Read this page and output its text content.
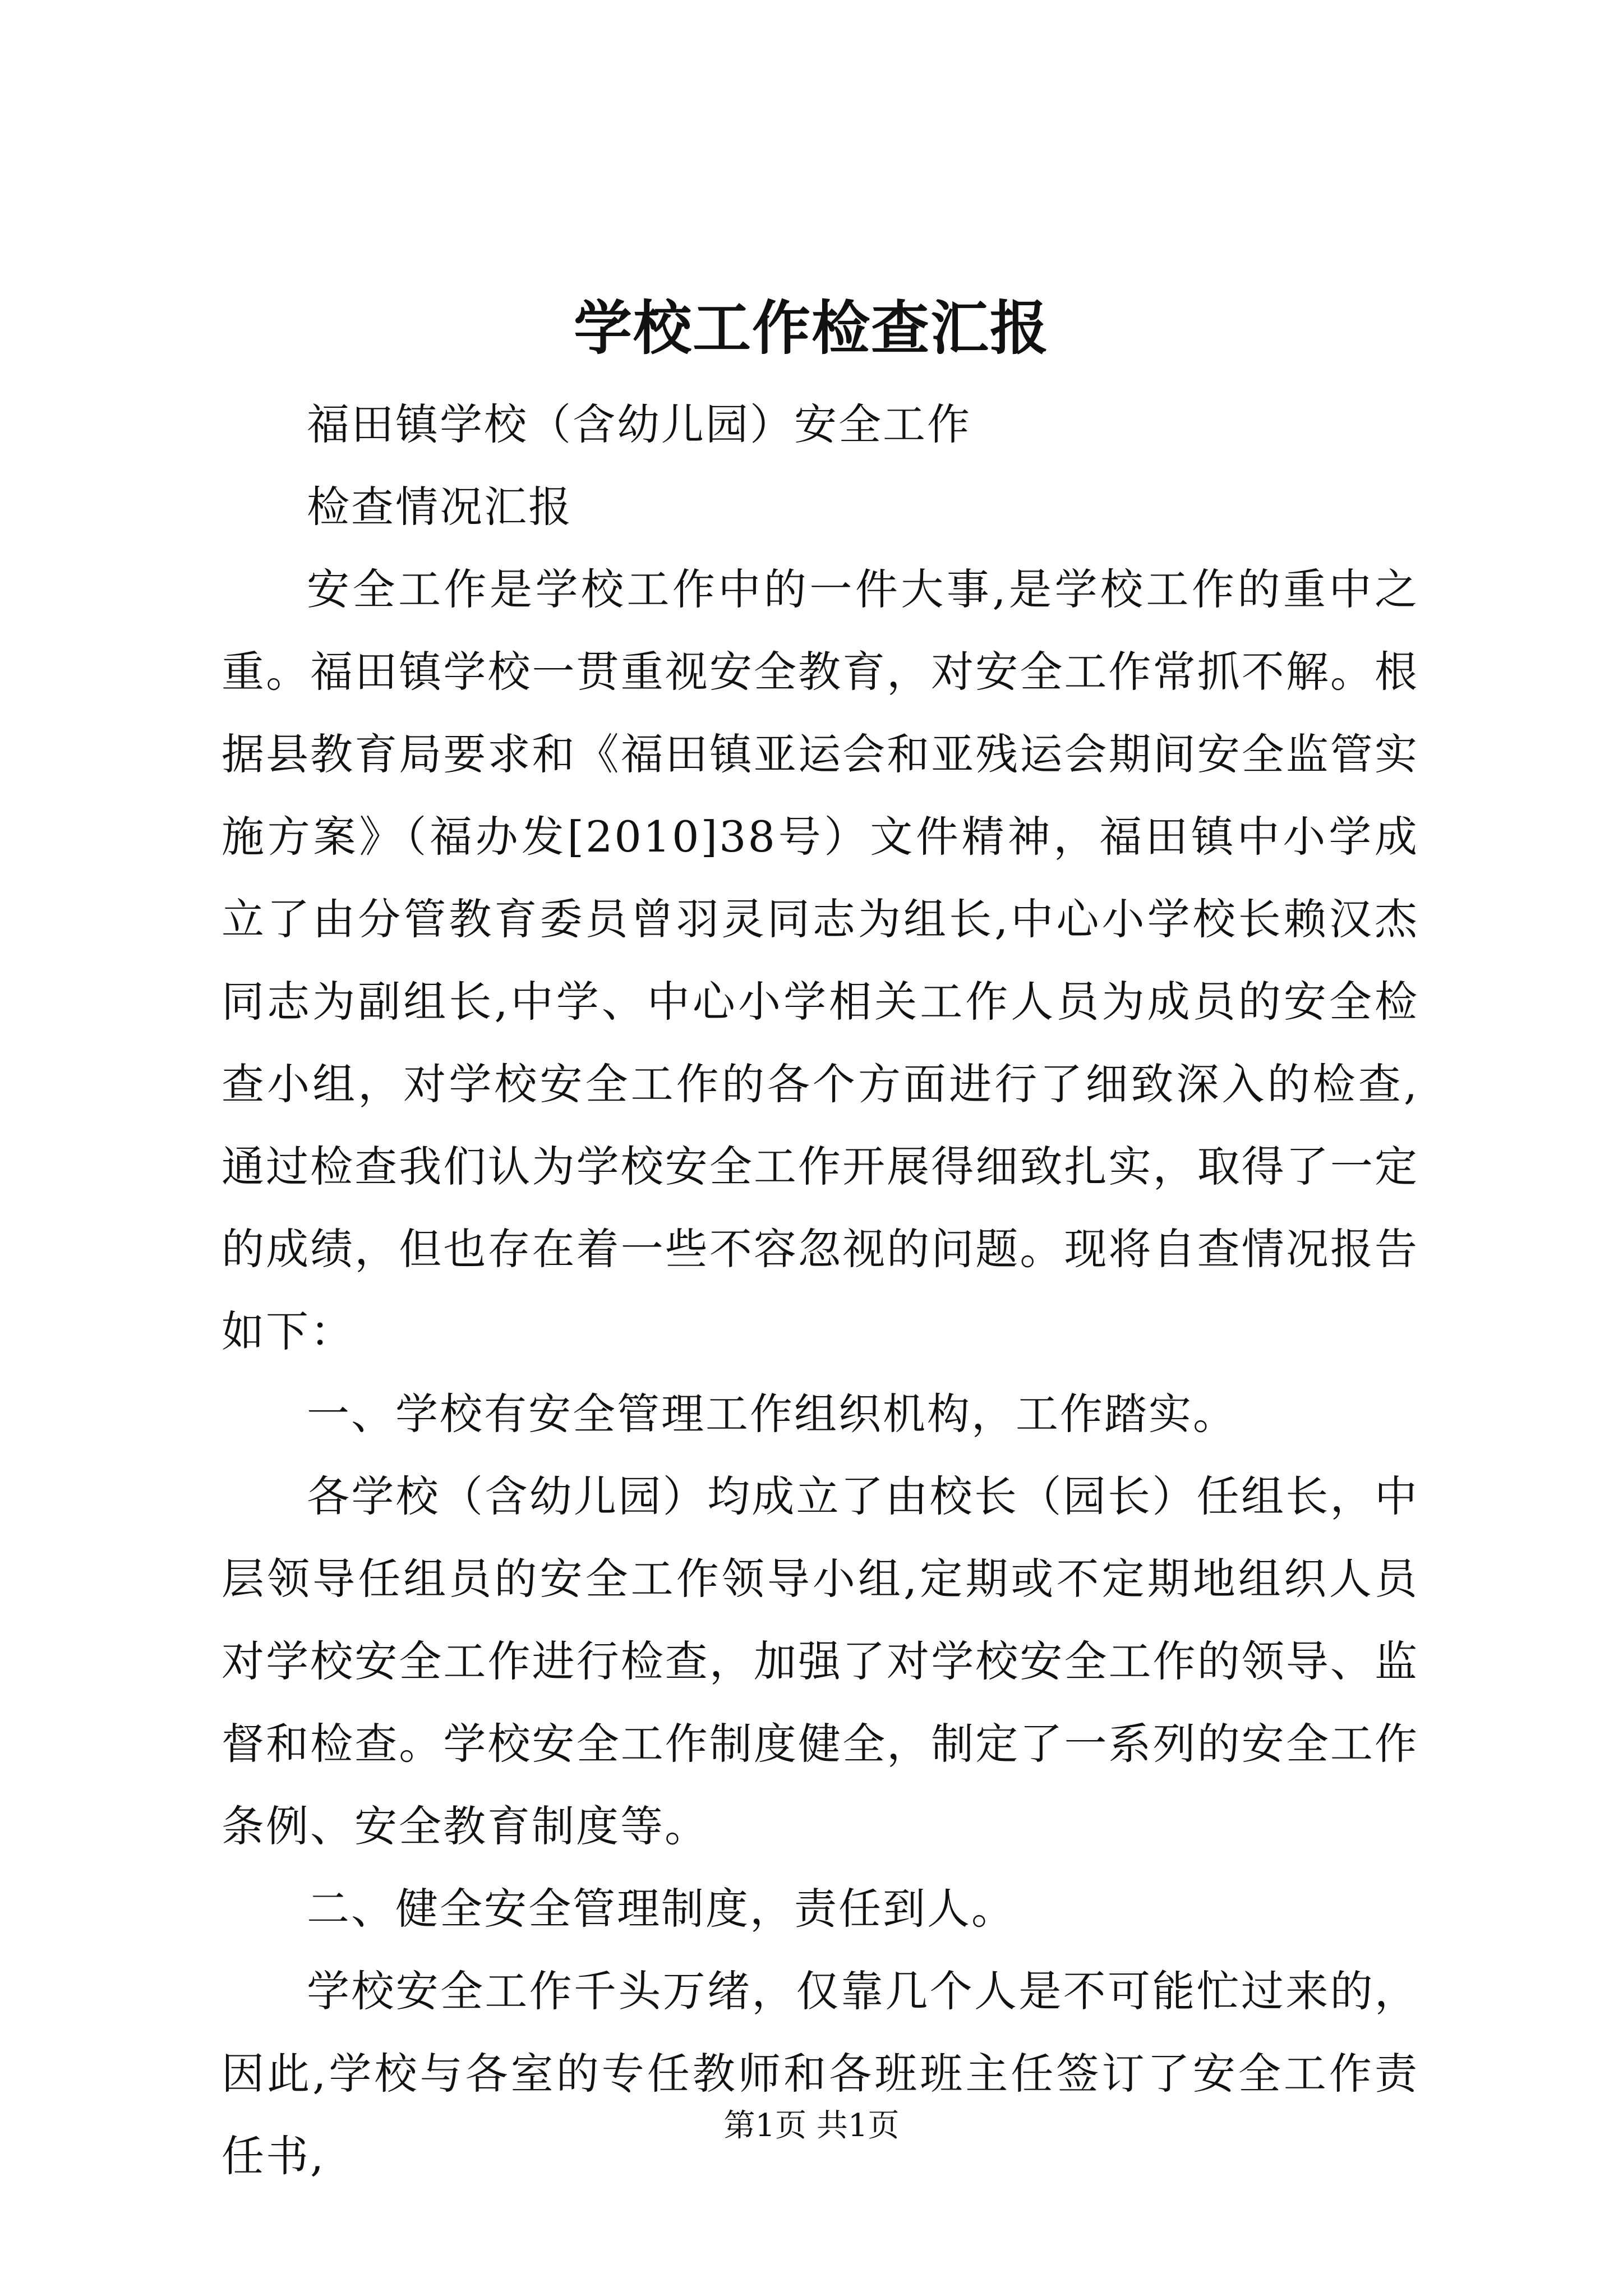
学校工作检查汇报

福田镇学校（含幼儿园）安全工作

检查情况汇报

安全工作是学校工作中的一件大事,是学校工作的重中之重。福田镇学校一贯重视安全教育，对安全工作常抓不解。根据县教育局要求和《福田镇亚运会和亚残运会期间安全监管实施方案》（福办发[2010]38号）文件精神，福田镇中小学成立了由分管教育委员曾羽灵同志为组长,中心小学校长赖汉杰同志为副组长,中学、中心小学相关工作人员为成员的安全检查小组，对学校安全工作的各个方面进行了细致深入的检查,通过检查我们认为学校安全工作开展得细致扎实，取得了一定的成绩，但也存在着一些不容忽视的问题。现将自查情况报告如下：

一、学校有安全管理工作组织机构，工作踏实。

各学校（含幼儿园）均成立了由校长（园长）任组长，中层领导任组员的安全工作领导小组,定期或不定期地组织人员对学校安全工作进行检查，加强了对学校安全工作的领导、监督和检查。学校安全工作制度健全，制定了一系列的安全工作条例、安全教育制度等。

二、健全安全管理制度，责任到人。

学校安全工作千头万绪，仅靠几个人是不可能忙过来的，因此,学校与各室的专任教师和各班班主任签订了安全工作责任书,

第1页 共1页
